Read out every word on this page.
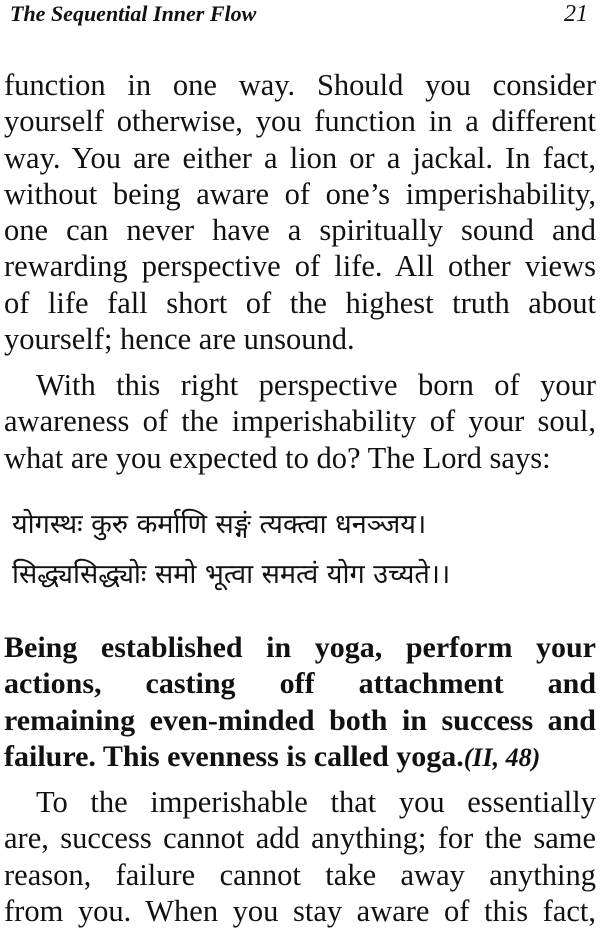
The Sequential Inner Flow	21
function in one way. Should you consider
yourself otherwise, you function in a different
way. You are either a lion or a jackal. In fact,
without being aware of one’s imperishability,
one can never have a spiritually sound and
rewarding perspective of life. All other views
of life fall short of the highest truth about
yourself; hence are unsound.
With this right perspective born of your
awareness of the imperishability of your soul,
what are you expected to do? The Lord says:
योगस्थः कुरु कर्माणि सङ्गं त्यक्त्वा धनञ्जय।
सिद्ध्यसिद्ध्योः समो भूत्वा समत्वं योग उच्यते।।
Being established in yoga, perform your
actions, casting off attachment and
remaining even-minded both in success and
failure. This evenness is called yoga.(II, 48)
To the imperishable that you essentially
are, success cannot add anything; for the same
reason, failure cannot take away anything
from you. When you stay aware of this fact,
